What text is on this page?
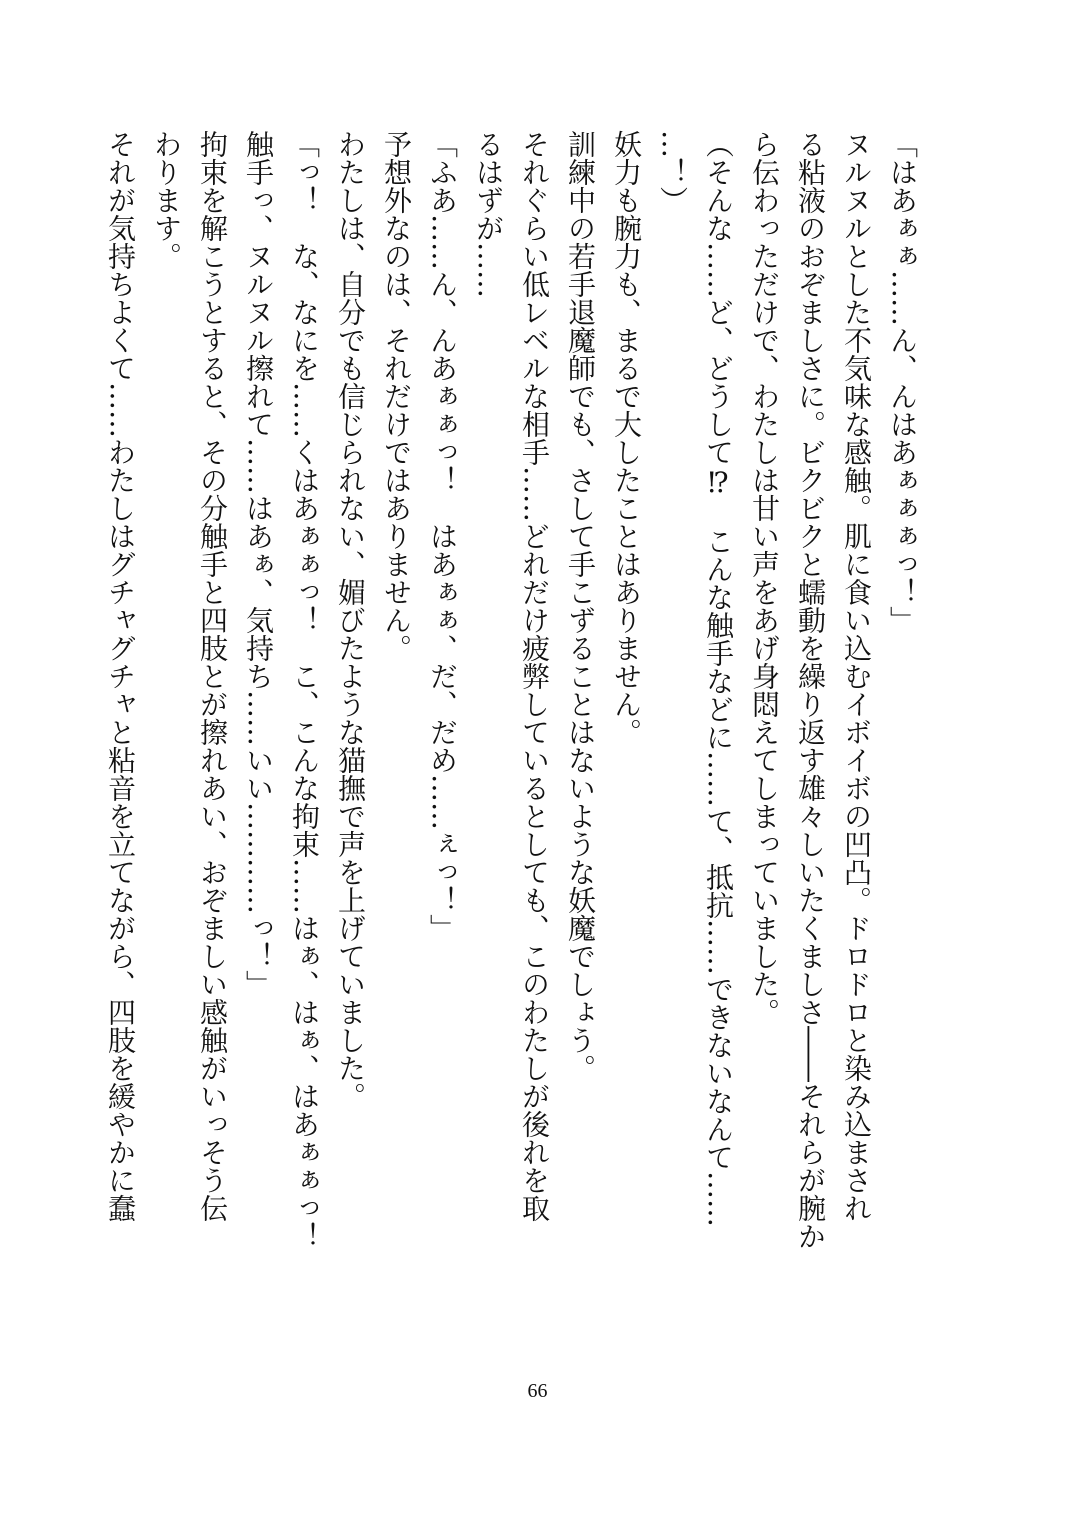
「はあぁぁ……ん、んはあぁぁぁっ！」
ヌルヌルとした不気味な感触。肌に食い込むイボイボの凹凸。ドロドロと染み込まされ
る粘液のおぞましさに。ビクビクと蠕動を繰り返す雄々しいたくましさ――それらが腕か
ら伝わっただけで、わたしは甘い声をあげ身悶えてしまっていました。
（そんな……ど、どうして⁉　こんな触手などに……て、抵抗……できないなんて……
…！）
妖力も腕力も、まるで大したことはありません。
訓練中の若手退魔師でも、さして手こずることはないような妖魔でしょう。
それぐらい低レベルな相手……どれだけ疲弊しているとしても、このわたしが後れを取
るはずが……
「ふあ……ん、んあぁぁっ！　はあぁぁ、だ、だめ……ぇっ！」
予想外なのは、それだけではありません。
わたしは、自分でも信じられない、媚びたような猫撫で声を上げていました。
「っ！　な、なにを……くはあぁぁっ！　こ、こんな拘束……はぁ、はぁ、はあぁぁっ！
触手っ、ヌルヌル擦れて……はあぁ、気持ち……いい…………っ！」
拘束を解こうとすると、その分触手と四肢とが擦れあい、おぞましい感触がいっそう伝
わります。
それが気持ちよくて……わたしはグチャグチャと粘音を立てながら、四肢を緩やかに蠢
66
